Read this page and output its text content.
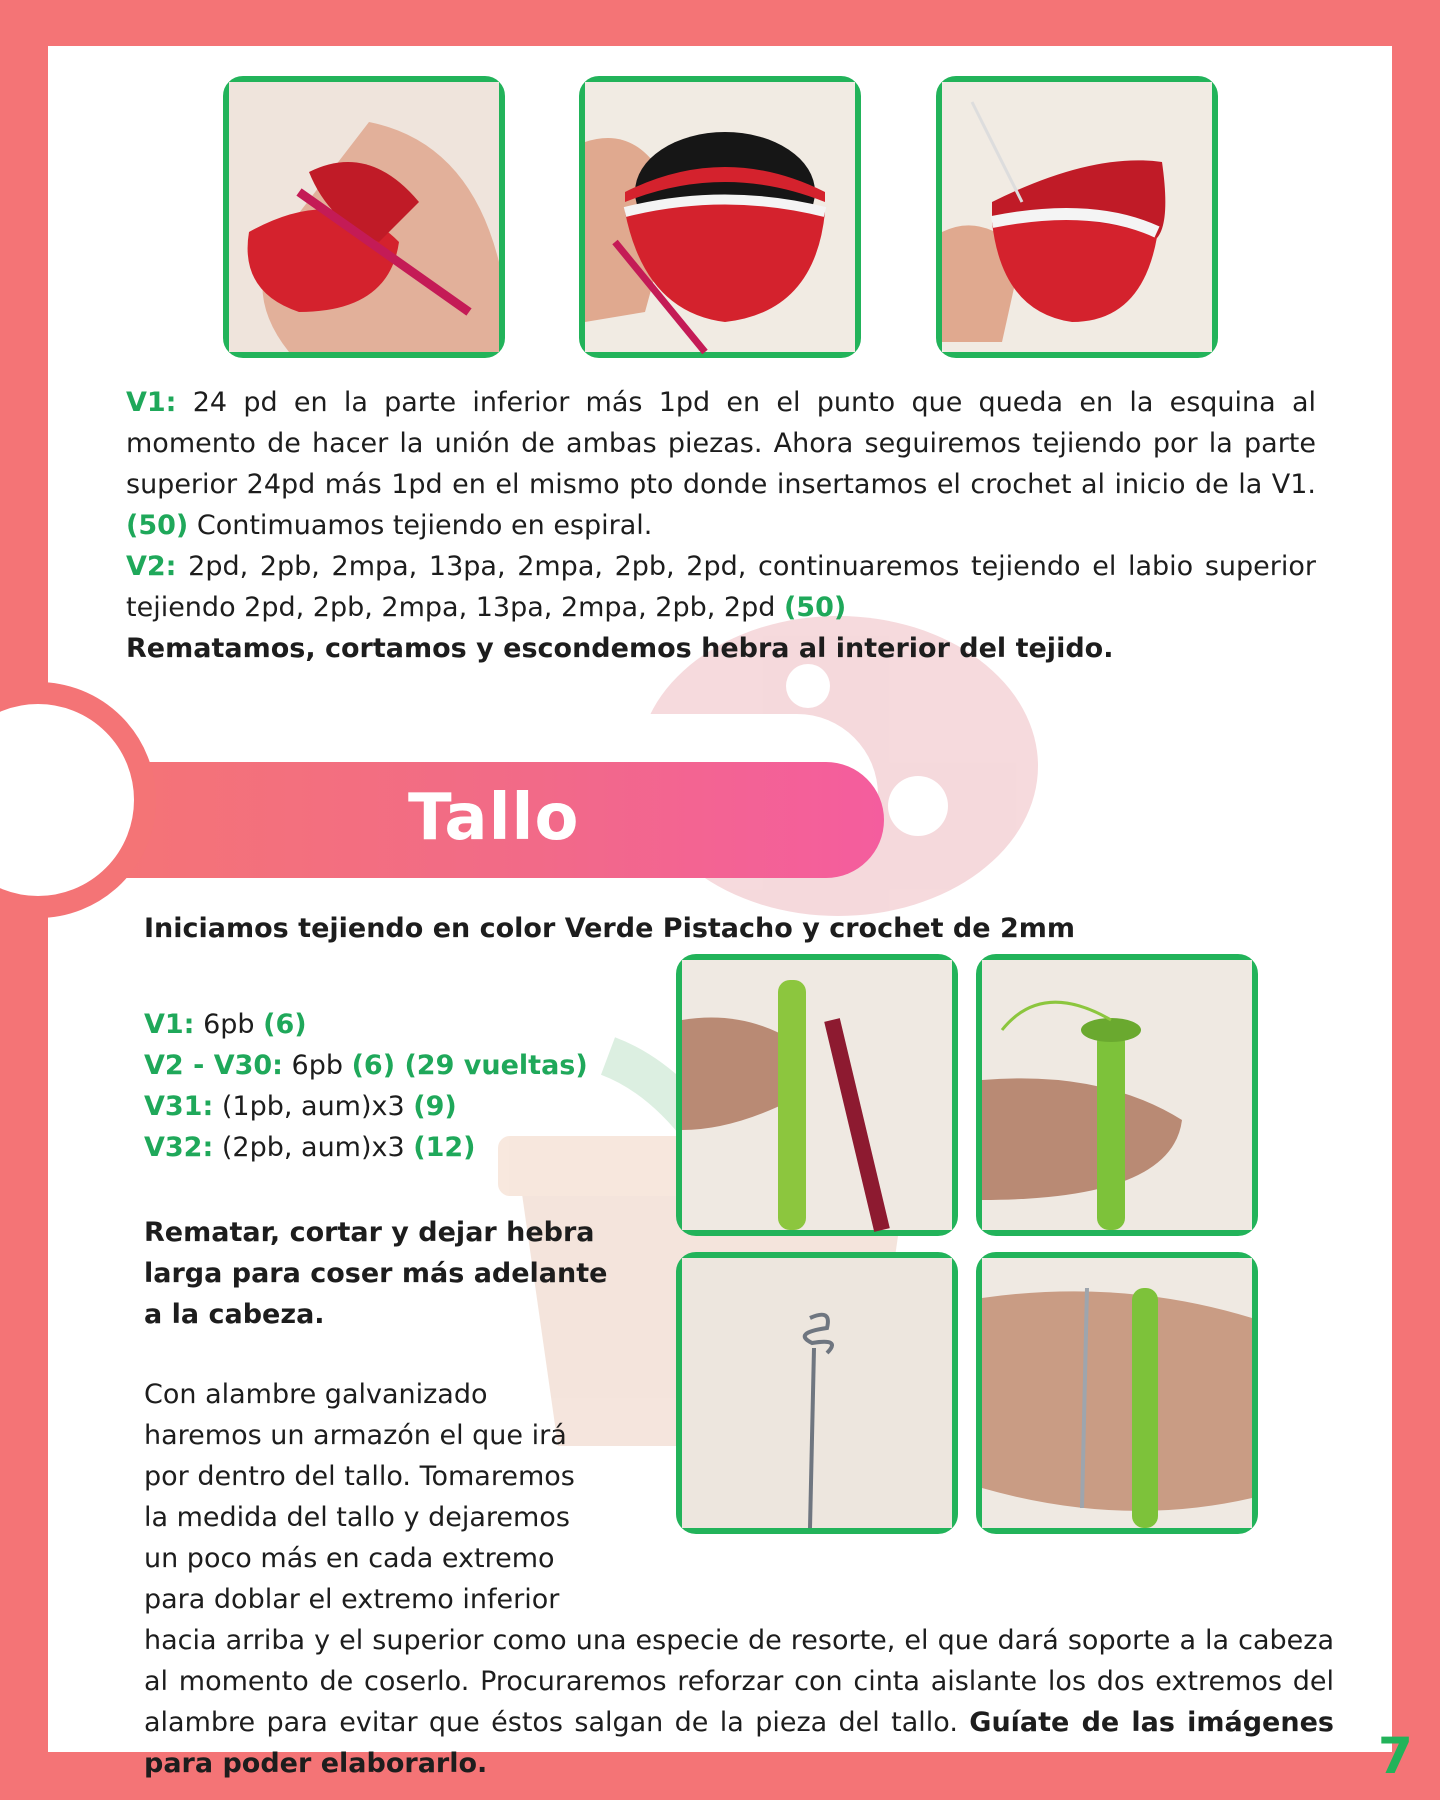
V1: 24 pd en la parte inferior más 1pd en el punto que queda en la esquina al momento de hacer la unión de ambas piezas. Ahora seguiremos tejiendo por la parte superior 24pd más 1pd en el mismo pto donde insertamos el crochet al inicio de la V1. (50) Contimuamos tejiendo en espiral.
V2: 2pd, 2pb, 2mpa, 13pa, 2mpa, 2pb, 2pd, continuaremos tejiendo el labio superior tejiendo 2pd, 2pb, 2mpa, 13pa, 2mpa, 2pb, 2pd (50)
Rematamos, cortamos y escondemos hebra al interior del tejido.
Tallo
Iniciamos tejiendo en color Verde Pistacho y crochet de 2mm
V1: 6pb (6)
V2 - V30: 6pb (6) (29 vueltas)
V31: (1pb, aum)x3 (9)
V32: (2pb, aum)x3 (12)
Rematar, cortar y dejar hebra
larga para coser más adelante
a la cabeza.
Con alambre galvanizado
haremos un armazón el que irá
por dentro del tallo. Tomaremos
la medida del tallo y dejaremos
un poco más en cada extremo
para doblar el extremo inferior
hacia arriba y el superior como una especie de resorte, el que dará soporte a la cabeza al momento de coserlo. Procuraremos reforzar con cinta aislante los dos extremos del alambre para evitar que éstos salgan de la pieza del tallo. Guíate de las imágenes para poder elaborarlo.	7
